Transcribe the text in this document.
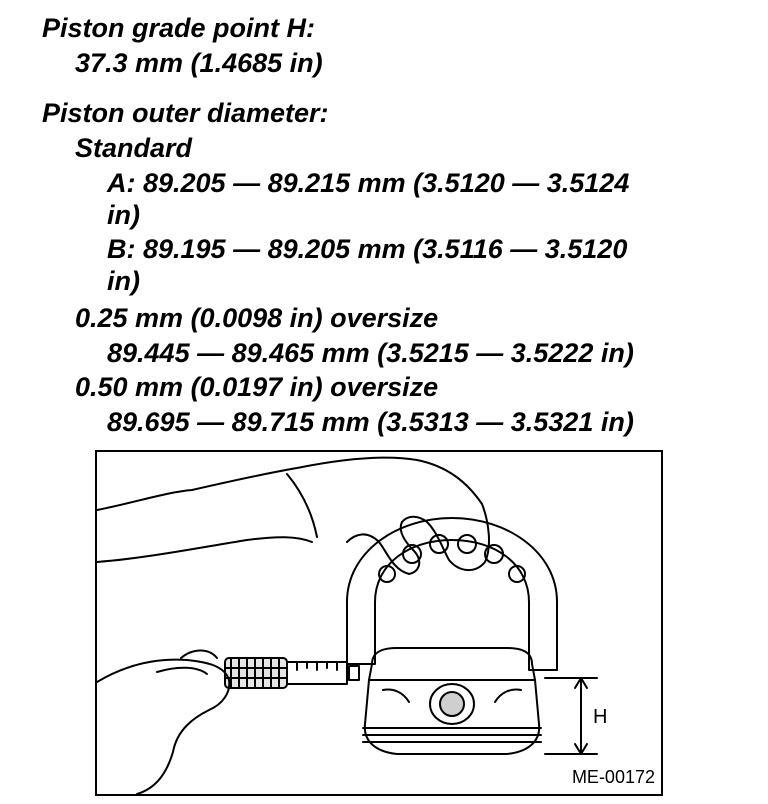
Piston grade point H:
37.3 mm (1.4685 in)
Piston outer diameter:
Standard
A: 89.205 — 89.215 mm (3.5120 — 3.5124
in)
B: 89.195 — 89.205 mm (3.5116 — 3.5120
in)
0.25 mm (0.0098 in) oversize
89.445 — 89.465 mm (3.5215 — 3.5222 in)
0.50 mm (0.0197 in) oversize
89.695 — 89.715 mm (3.5313 — 3.5321 in)
H
ME-00172
